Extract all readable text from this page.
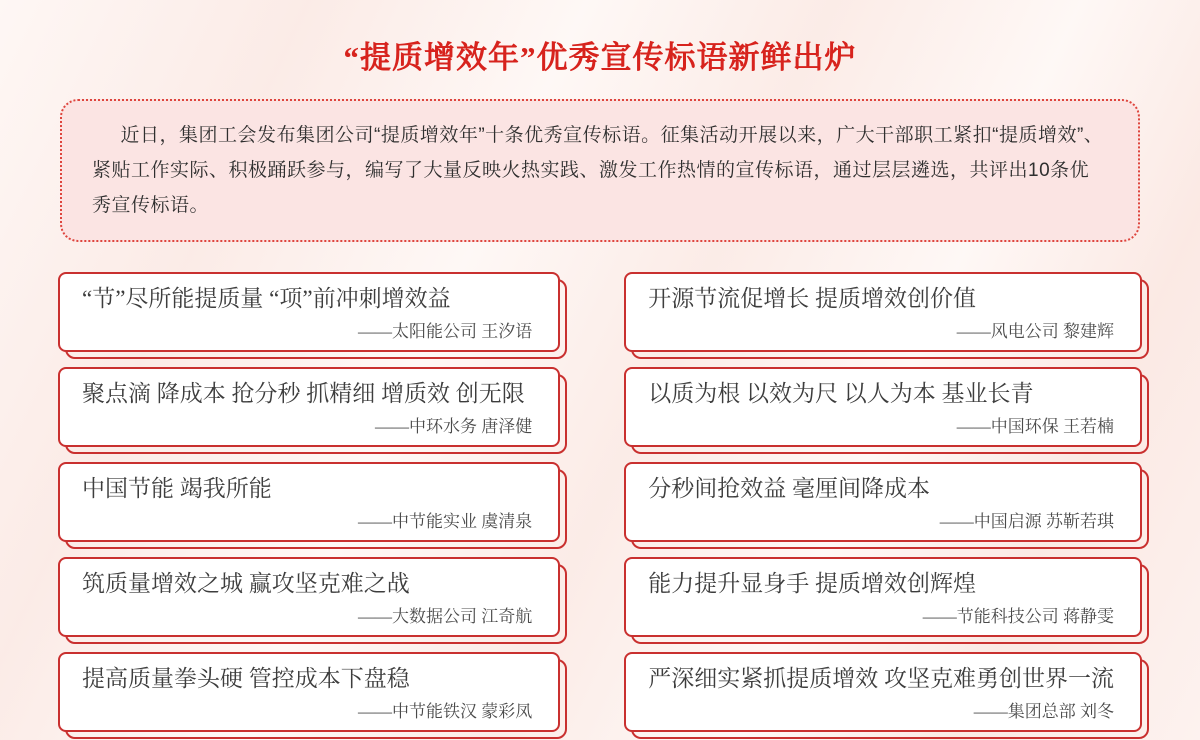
“提质增效年”优秀宣传标语新鲜出炉

近日，集团工会发布集团公司“提质增效年”十条优秀宣传标语。征集活动开展以来，广大干部职工紧扣“提质增效”、紧贴工作实际、积极踊跃参与，编写了大量反映火热实践、激发工作热情的宣传标语，通过层层遴选，共评出10条优秀宣传标语。

“节”尽所能提质量 “项”前冲刺增效益
——太阳能公司 王汐语
开源节流促增长 提质增效创价值
——风电公司 黎建辉
聚点滴 降成本 抢分秒 抓精细 增质效 创无限
——中环水务 唐泽健
以质为根 以效为尺 以人为本 基业长青
——中国环保 王若楠
中国节能 竭我所能
——中节能实业 虞清泉
分秒间抢效益 毫厘间降成本
——中国启源 苏靳若琪
筑质量增效之城 赢攻坚克难之战
——大数据公司 江奇航
能力提升显身手 提质增效创辉煌
——节能科技公司 蒋静雯
提高质量拳头硬 管控成本下盘稳
——中节能铁汉 蒙彩凤
严深细实紧抓提质增效 攻坚克难勇创世界一流
——集团总部 刘冬
